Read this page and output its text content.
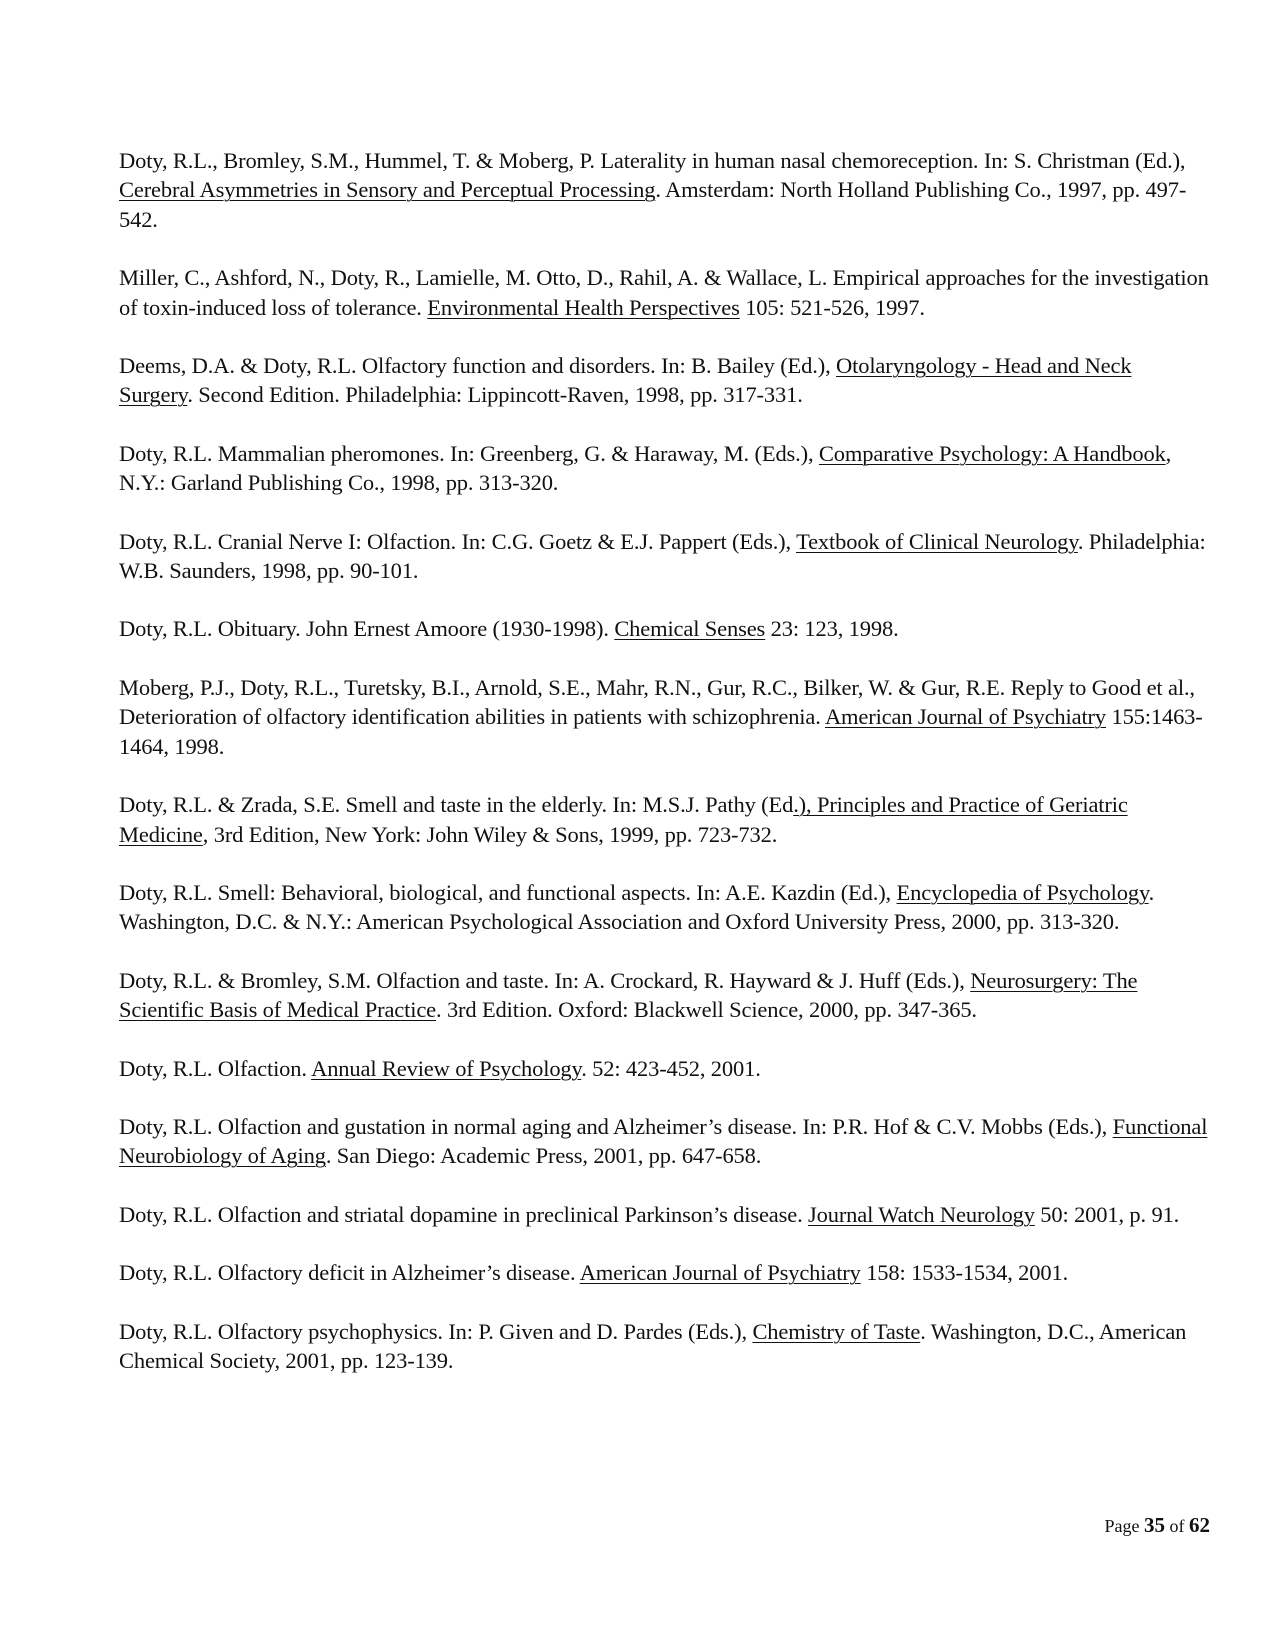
Doty, R.L., Bromley, S.M., Hummel, T. & Moberg, P. Laterality in human nasal chemoreception. In: S. Christman (Ed.), Cerebral Asymmetries in Sensory and Perceptual Processing. Amsterdam: North Holland Publishing Co., 1997, pp. 497-542.

Miller, C., Ashford, N., Doty, R., Lamielle, M. Otto, D., Rahil, A. & Wallace, L. Empirical approaches for the investigation of toxin-induced loss of tolerance. Environmental Health Perspectives 105: 521-526, 1997.

Deems, D.A. & Doty, R.L. Olfactory function and disorders. In: B. Bailey (Ed.), Otolaryngology - Head and Neck Surgery. Second Edition. Philadelphia: Lippincott-Raven, 1998, pp. 317-331.

Doty, R.L. Mammalian pheromones. In: Greenberg, G. & Haraway, M. (Eds.), Comparative Psychology: A Handbook, N.Y.: Garland Publishing Co., 1998, pp. 313-320.

Doty, R.L. Cranial Nerve I: Olfaction. In: C.G. Goetz & E.J. Pappert (Eds.), Textbook of Clinical Neurology. Philadelphia: W.B. Saunders, 1998, pp. 90-101.

Doty, R.L. Obituary. John Ernest Amoore (1930-1998). Chemical Senses 23: 123, 1998.

Moberg, P.J., Doty, R.L., Turetsky, B.I., Arnold, S.E., Mahr, R.N., Gur, R.C., Bilker, W. & Gur, R.E. Reply to Good et al., Deterioration of olfactory identification abilities in patients with schizophrenia. American Journal of Psychiatry 155:1463-1464, 1998.

Doty, R.L. & Zrada, S.E. Smell and taste in the elderly. In: M.S.J. Pathy (Ed.), Principles and Practice of Geriatric Medicine, 3rd Edition, New York: John Wiley & Sons, 1999, pp. 723-732.

Doty, R.L. Smell: Behavioral, biological, and functional aspects. In: A.E. Kazdin (Ed.), Encyclopedia of Psychology. Washington, D.C. & N.Y.: American Psychological Association and Oxford University Press, 2000, pp. 313-320.

Doty, R.L. & Bromley, S.M. Olfaction and taste. In: A. Crockard, R. Hayward & J. Huff (Eds.), Neurosurgery: The Scientific Basis of Medical Practice. 3rd Edition. Oxford: Blackwell Science, 2000, pp. 347-365.

Doty, R.L. Olfaction. Annual Review of Psychology. 52: 423-452, 2001.

Doty, R.L. Olfaction and gustation in normal aging and Alzheimer’s disease. In: P.R. Hof & C.V. Mobbs (Eds.), Functional Neurobiology of Aging. San Diego: Academic Press, 2001, pp. 647-658.

Doty, R.L. Olfaction and striatal dopamine in preclinical Parkinson’s disease. Journal Watch Neurology 50: 2001, p. 91.

Doty, R.L. Olfactory deficit in Alzheimer’s disease. American Journal of Psychiatry 158: 1533-1534, 2001.

Doty, R.L. Olfactory psychophysics. In: P. Given and D. Pardes (Eds.), Chemistry of Taste. Washington, D.C., American Chemical Society, 2001, pp. 123-139.

Page 35 of 62
